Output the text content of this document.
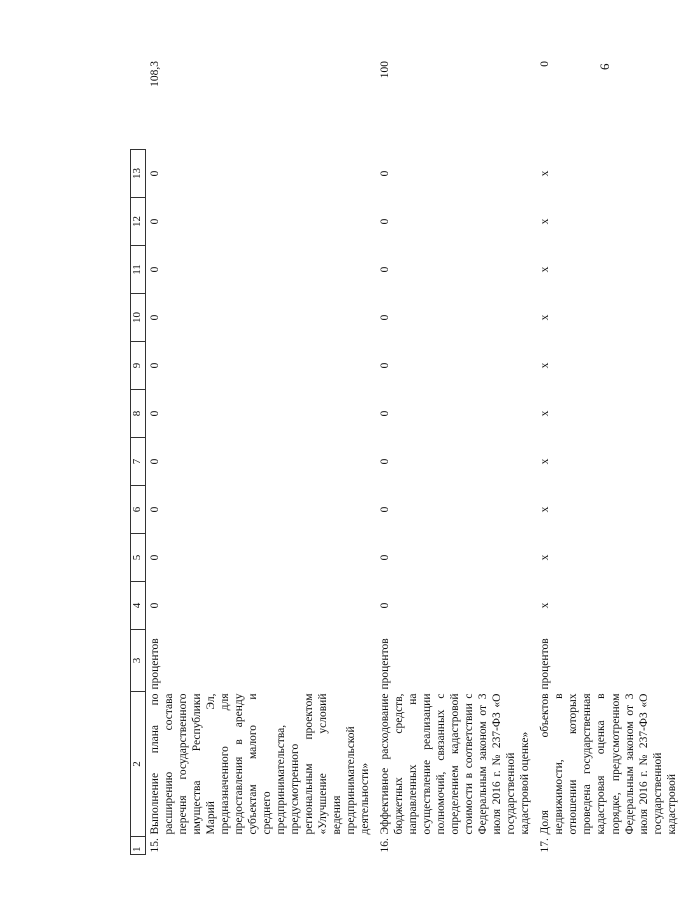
6
1	2	3	4	5	6	7	8	9	10	11	12	13	
15.	Выполнение плана по расширению состава перечня государственного имущества Республики Марий Эл, предназначенного для предоставления в аренду субъектам малого и среднего предпринимательства, предусмотренного региональным проектом «Улучшение условий ведения предпринимательской деятельности»	процентов	0	0	0	0	0	0	0	0	0	0	108,3
16.	Эффективное расходование бюджетных средств, направленных на осуществление реализации полномочий, связанных с определением кадастровой стоимости в соответствии с Федеральным законом от 3 июля 2016 г. № 237-ФЗ «О государственной кадастровой оценке»	процентов	0	0	0	0	0	0	0	0	0	0	100
17.	Доля объектов недвижимости, в отношении которых проведена государственная кадастровая оценка в порядке, предусмотренном Федеральным законом от 3 июля 2016 г. № 237-ФЗ «О государственной кадастровой	процентов	x	x	x	x	x	x	x	x	x	x	0
